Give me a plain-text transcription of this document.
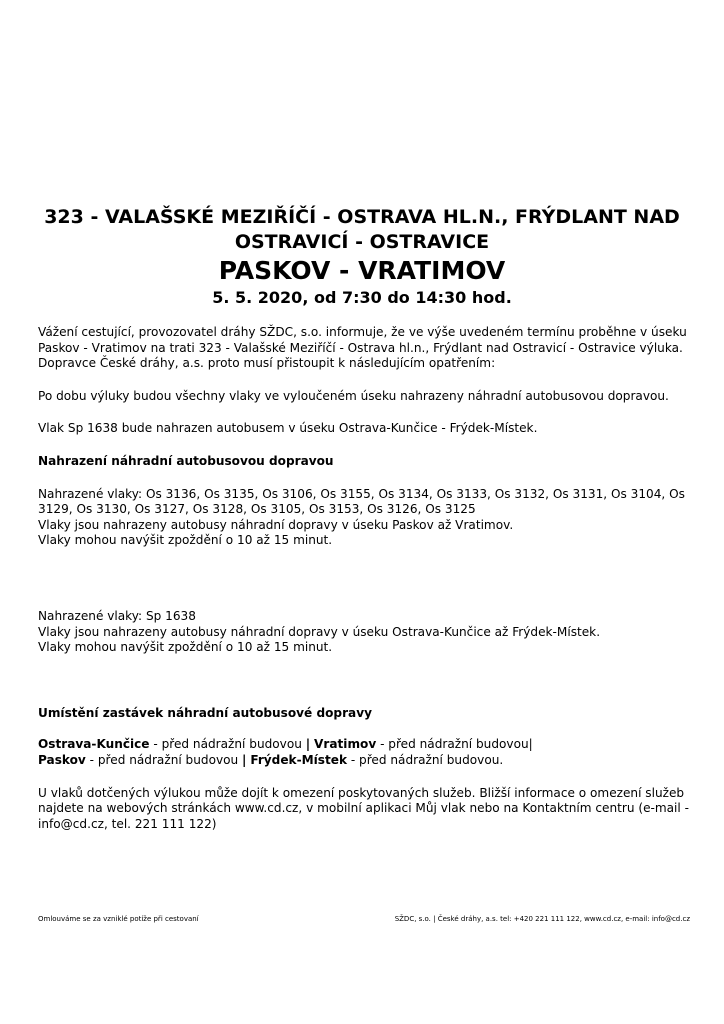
323 - VALAŠSKÉ MEZIŘÍČÍ - OSTRAVA HL.N., FRÝDLANT NAD OSTRAVICÍ - OSTRAVICE
PASKOV - VRATIMOV
5. 5. 2020, od 7:30 do 14:30 hod.

Vážení cestující, provozovatel dráhy SŽDC, s.o. informuje, že ve výše uvedeném termínu proběhne v úseku Paskov - Vratimov na trati 323 - Valašské Meziříčí - Ostrava hl.n., Frýdlant nad Ostravicí - Ostravice výluka. Dopravce České dráhy, a.s. proto musí přistoupit k následujícím opatřením:

Po dobu výluky budou všechny vlaky ve vyloučeném úseku nahrazeny náhradní autobusovou dopravou.

Vlak Sp 1638 bude nahrazen autobusem v úseku Ostrava-Kunčice - Frýdek-Místek.

Nahrazení náhradní autobusovou dopravou

Nahrazené vlaky: Os 3136, Os 3135, Os 3106, Os 3155, Os 3134, Os 3133, Os 3132, Os 3131, Os 3104, Os 3129, Os 3130, Os 3127, Os 3128, Os 3105, Os 3153, Os 3126, Os 3125

Vlaky jsou nahrazeny autobusy náhradní dopravy v úseku Paskov až Vratimov.

Vlaky mohou navýšit zpoždění o 10 až 15 minut.

Nahrazené vlaky: Sp 1638

Vlaky jsou nahrazeny autobusy náhradní dopravy v úseku Ostrava-Kunčice až Frýdek-Místek.

Vlaky mohou navýšit zpoždění o 10 až 15 minut.

Umístění zastávek náhradní autobusové dopravy

Ostrava-Kunčice - před nádražní budovou | Vratimov - před nádražní budovou|

Paskov - před nádražní budovou | Frýdek-Místek - před nádražní budovou.

U vlaků dotčených výlukou může dojít k omezení poskytovaných služeb. Bližší informace o omezení služeb najdete na webových stránkách www.cd.cz, v mobilní aplikaci Můj vlak nebo na Kontaktním centru (e-mail - info@cd.cz, tel. 221 111 122)

Omlouváme se za vzniklé potíže při cestovaní	SŽDC, s.o. | České dráhy, a.s. tel: +420 221 111 122, www.cd.cz, e-mail: info@cd.cz
